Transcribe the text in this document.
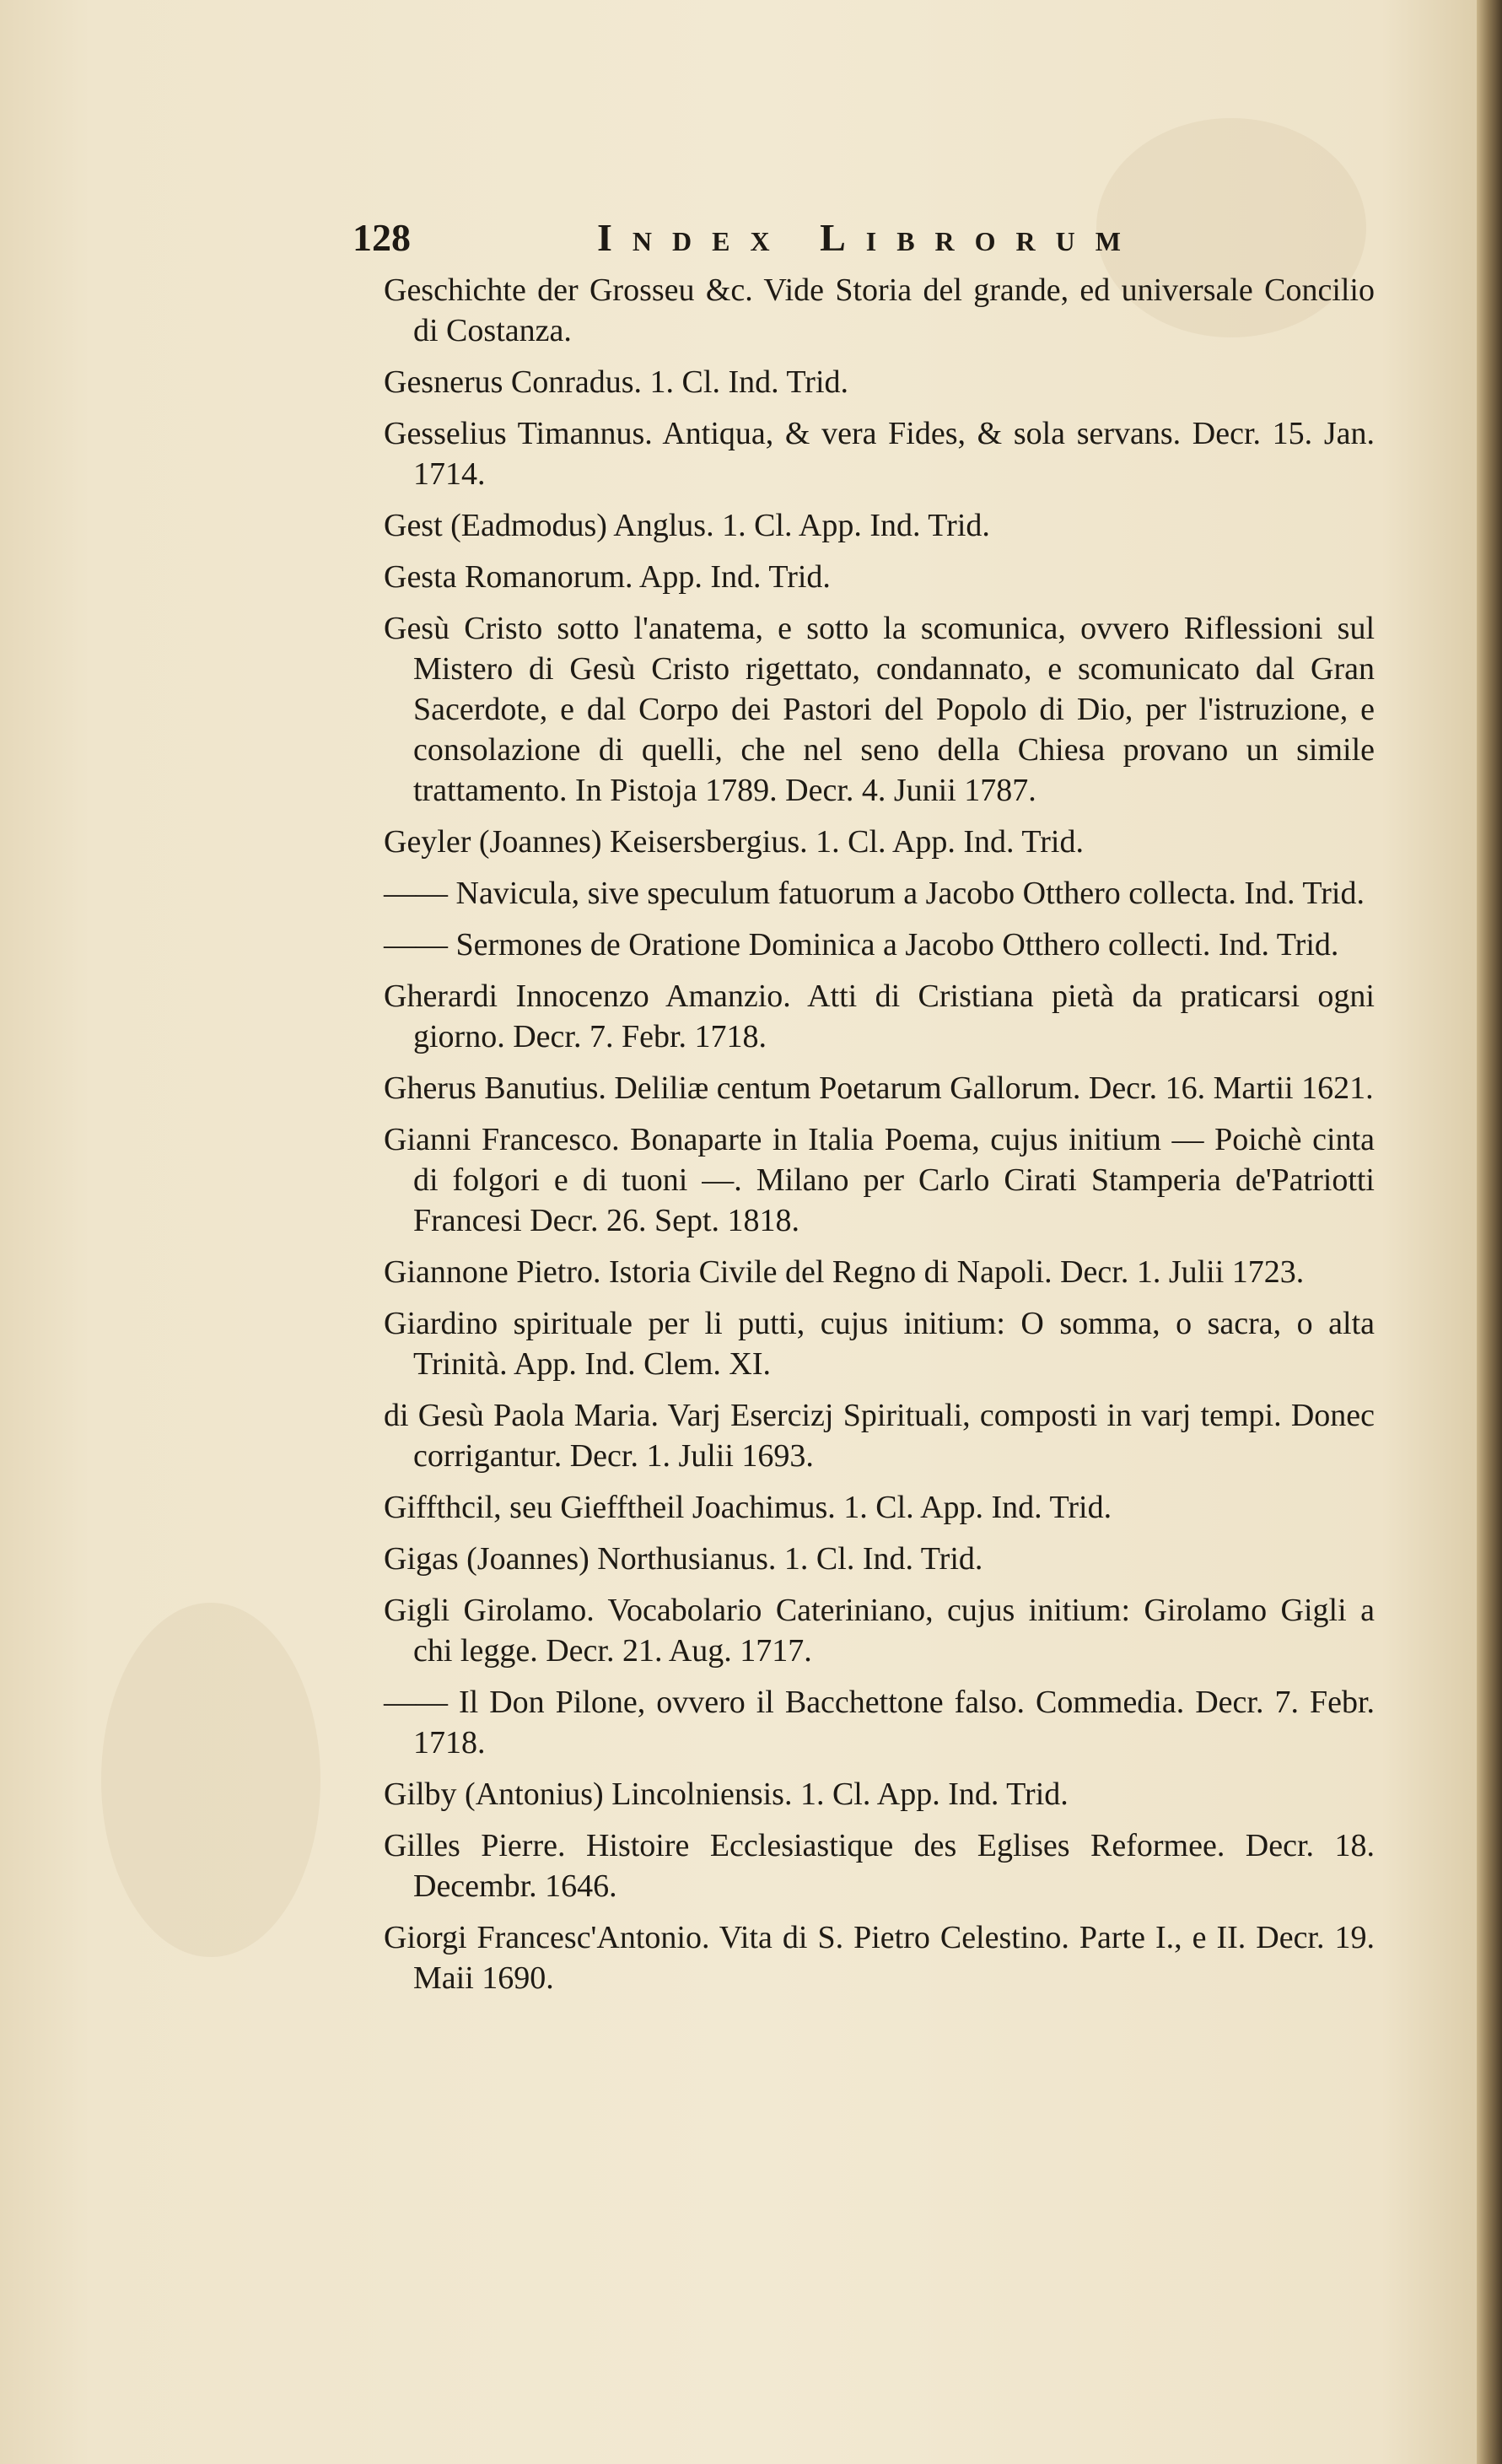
128	Index Librorum

Geschichte der Grosseu &c. Vide Storia del grande, ed universale Concilio di Costanza.

Gesnerus Conradus. 1. Cl. Ind. Trid.

Gesselius Timannus. Antiqua, & vera Fides, & sola servans. Decr. 15. Jan. 1714.

Gest (Eadmodus) Anglus. 1. Cl. App. Ind. Trid.

Gesta Romanorum. App. Ind. Trid.

Gesù Cristo sotto l'anatema, e sotto la scomunica, ovvero Riflessioni sul Mistero di Gesù Cristo rigettato, condannato, e scomunicato dal Gran Sacerdote, e dal Corpo dei Pastori del Popolo di Dio, per l'istruzione, e consolazione di quelli, che nel seno della Chiesa provano un simile trattamento. In Pistoja 1789. Decr. 4. Junii 1787.

Geyler (Joannes) Keisersbergius. 1. Cl. App. Ind. Trid.

—— Navicula, sive speculum fatuorum a Jacobo Otthero collecta. Ind. Trid.

—— Sermones de Oratione Dominica a Jacobo Otthero collecti. Ind. Trid.

Gherardi Innocenzo Amanzio. Atti di Cristiana pietà da praticarsi ogni giorno. Decr. 7. Febr. 1718.

Gherus Banutius. Deliliæ centum Poetarum Gallorum. Decr. 16. Martii 1621.

Gianni Francesco. Bonaparte in Italia Poema, cujus initium — Poichè cinta di folgori e di tuoni —. Milano per Carlo Cirati Stamperia de'Patriotti Francesi Decr. 26. Sept. 1818.

Giannone Pietro. Istoria Civile del Regno di Napoli. Decr. 1. Julii 1723.

Giardino spirituale per li putti, cujus initium: O somma, o sacra, o alta Trinità. App. Ind. Clem. XI.

di Gesù Paola Maria. Varj Esercizj Spirituali, composti in varj tempi. Donec corrigantur. Decr. 1. Julii 1693.

Giffthcil, seu Giefftheil Joachimus. 1. Cl. App. Ind. Trid.

Gigas (Joannes) Northusianus. 1. Cl. Ind. Trid.

Gigli Girolamo. Vocabolario Cateriniano, cujus initium: Girolamo Gigli a chi legge. Decr. 21. Aug. 1717.

—— Il Don Pilone, ovvero il Bacchettone falso. Commedia. Decr. 7. Febr. 1718.

Gilby (Antonius) Lincolniensis. 1. Cl. App. Ind. Trid.

Gilles Pierre. Histoire Ecclesiastique des Eglises Reformee. Decr. 18. Decembr. 1646.

Giorgi Francesc'Antonio. Vita di S. Pietro Celestino. Parte I., e II. Decr. 19. Maii 1690.
